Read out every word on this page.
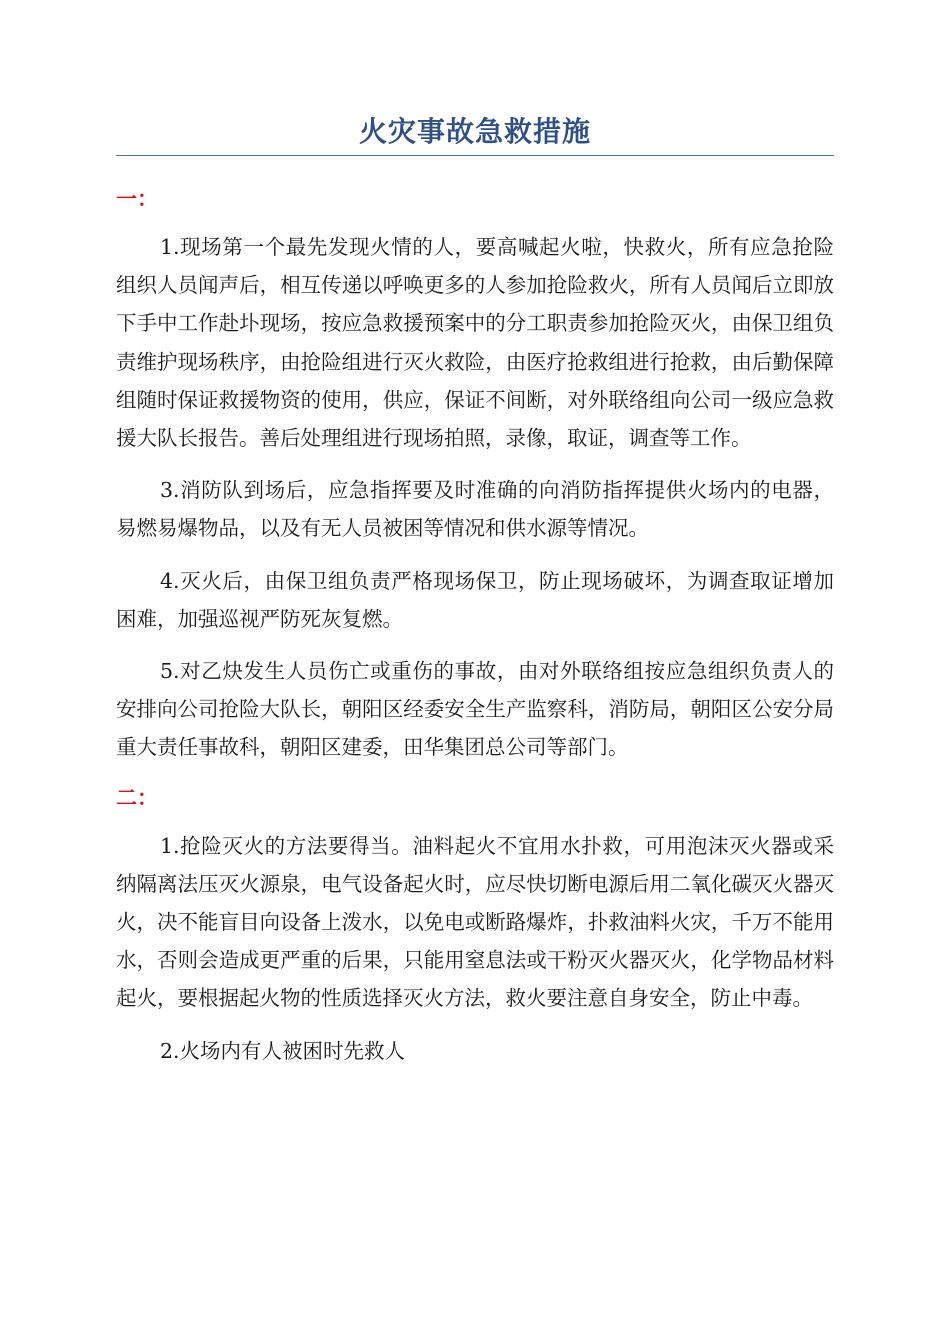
火灾事故急救措施
一：

1.现场第一个最先发现火情的人，要高喊起火啦，快救火，所有应急抢险组织人员闻声后，相互传递以呼唤更多的人参加抢险救火，所有人员闻后立即放下手中工作赴圤现场，按应急救援预案中的分工职责参加抢险灭火，由保卫组负责维护现场秩序，由抢险组进行灭火救险，由医疗抢救组进行抢救，由后勤保障组随时保证救援物资的使用，供应，保证不间断，对外联络组向公司一级应急救援大队长报告。善后处理组进行现场拍照，录像，取证，调查等工作。

3.消防队到场后，应急指挥要及时准确的向消防指挥提供火场内的电器，易燃易爆物品，以及有无人员被困等情况和供水源等情况。

4.灭火后，由保卫组负责严格现场保卫，防止现场破坏，为调查取证增加困难，加强巡视严防死灰复燃。

5.对乙炔发生人员伤亡或重伤的事故，由对外联络组按应急组织负责人的安排向公司抢险大队长，朝阳区经委安全生产监察科，消防局，朝阳区公安分局重大责任事故科，朝阳区建委，田华集团总公司等部门。

二：

1.抢险灭火的方法要得当。油料起火不宜用水扑救，可用泡沫灭火器或采纳隔离法压灭火源泉，电气设备起火时，应尽快切断电源后用二氧化碳灭火器灭火，决不能盲目向设备上泼水，以免电或断路爆炸，扑救油料火灾，千万不能用水，否则会造成更严重的后果，只能用窒息法或干粉灭火器灭火，化学物品材料起火，要根据起火物的性质选择灭火方法，救火要注意自身安全，防止中毒。

2.火场内有人被困时先救人
